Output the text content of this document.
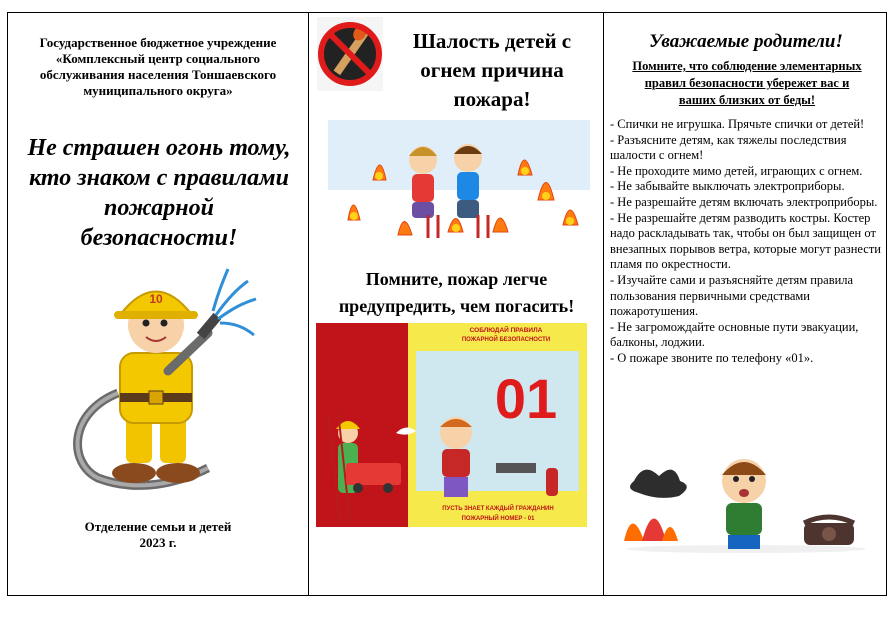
Государственное бюджетное учреждение
«Комплексный центр социального
обслуживания населения Тоншаевского
муниципального округа»
Не страшен огонь тому,
кто знаком с правилами
пожарной
безопасности!
10
Отделение семьи и детей
2023 г.
Шалость детей с
огнем причина
пожара!
Помните, пожар легче
предупредить, чем погасить!
СОБЛЮДАЙ ПРАВИЛА
ПОЖАРНОЙ БЕЗОПАСНОСТИ
01
ПУСТЬ ЗНАЕТ КАЖДЫЙ ГРАЖДАНИН
ПОЖАРНЫЙ НОМЕР - 01
Уважаемые родители!
Помните, что соблюдение элементарных
правил безопасности убережет вас и
ваших близких от беды!

- Спички не игрушка. Прячьте спички от детей!

- Разъясните детям, как тяжелы последствия шалости с огнем!

- Не проходите мимо детей, играющих с огнем.

- Не забывайте выключать электроприборы.

- Не разрешайте детям включать электроприборы.

- Не разрешайте детям разводить костры. Костер надо раскладывать так, чтобы он был защищен от внезапных порывов ветра, которые могут разнести пламя по окрестности.

- Изучайте сами и разъясняйте детям правила пользования первичными средствами пожаротушения.

- Не загромождайте основные пути эвакуации, балконы, лоджии.

- О пожаре звоните по телефону «01».
